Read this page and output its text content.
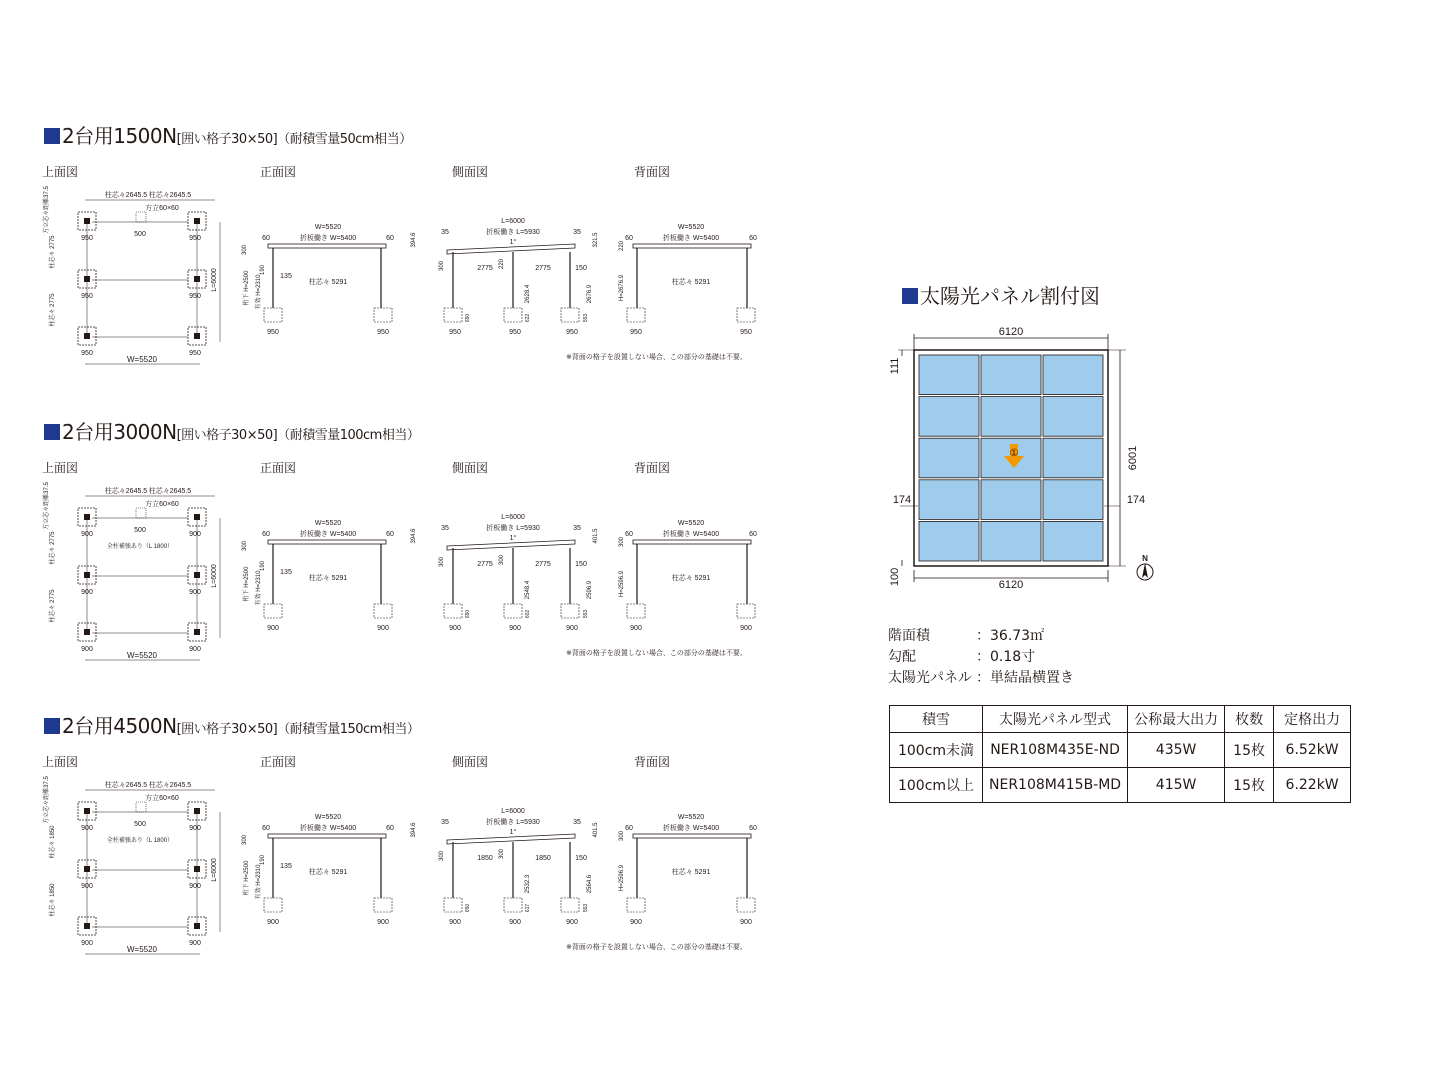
2台用1500N[囲い格子30×50]（耐積雪量50cm相当）
上面図	正面図	側面図	背面図
柱芯々2645.5 柱芯々2645.5
方立60×60
方立芯々距離37.5
950	950
950	950
950	950
500
柱芯々 2775
柱芯々 2775
L=6000
W=5520
W=5520
折板働き W=5400
60	60
300
190
135
桁下 H=2500	有効 H=2310	柱芯々 5291
950	950
L=6000
折板働き L=5930
35	35
394.6	321.5
1°
2775	2775
300	220	150
2628.4	2676.9
950	950	950
650	622	553
W=5520
折板働き W=5400
60	60
220
H=2676.9	柱芯々 5291
950	950
※背面の格子を設置しない場合、この部分の基礎は不要。
2台用3000N[囲い格子30×50]（耐積雪量100cm相当）
上面図	正面図	側面図	背面図
柱芯々2645.5 柱芯々2645.5
方立60×60
方立芯々距離37.5
900	900
900	900
900	900
500
柱芯々 2775
柱芯々 2775
L=6000
W=5520
全柱補強あり（L 1800）
W=5520
折板働き W=5400
60	60
300
190
135
桁下 H=2500	有効 H=2310	柱芯々 5291
900	900
L=6000
折板働き L=5930
35	35
394.6	401.5
1°
2775	2775
300	300	150
2548.4	2596.9
900	900	900
650	602	553
W=5520
折板働き W=5400
60	60
300
H=2596.9	柱芯々 5291
900	900
※背面の格子を設置しない場合、この部分の基礎は不要。
2台用4500N[囲い格子30×50]（耐積雪量150cm相当）
上面図	正面図	側面図	背面図
柱芯々2645.5 柱芯々2645.5
方立60×60
方立芯々距離37.5
900	900
900	900
900	900
500
柱芯々 1850
柱芯々 1850
L=6000
W=5520
全柱補強あり（L 1800）
W=5520
折板働き W=5400
60	60
300
190
135
桁下 H=2500	有効 H=2310	柱芯々 5291
900	900
L=6000
折板働き L=5930
35	35
394.6	401.5
1°
1850	1850
300	300	150
2532.3	2564.6
900	900	900
650	617	553
W=5520
折板働き W=5400
60	60
300
H=2596.9	柱芯々 5291
900	900
※背面の格子を設置しない場合、この部分の基礎は不要。
太陽光パネル割付図
6120
6120
6001
111
100
174	174
①
N
階面積	：36.73㎡
勾配	：0.18寸
太陽光パネル ：単結晶横置き
積雪	太陽光パネル型式	公称最大出力	枚数	定格出力
100cm未満	NER108M435E-ND	435W	15枚	6.52kW
100cm以上	NER108M415B-MD	415W	15枚	6.22kW
